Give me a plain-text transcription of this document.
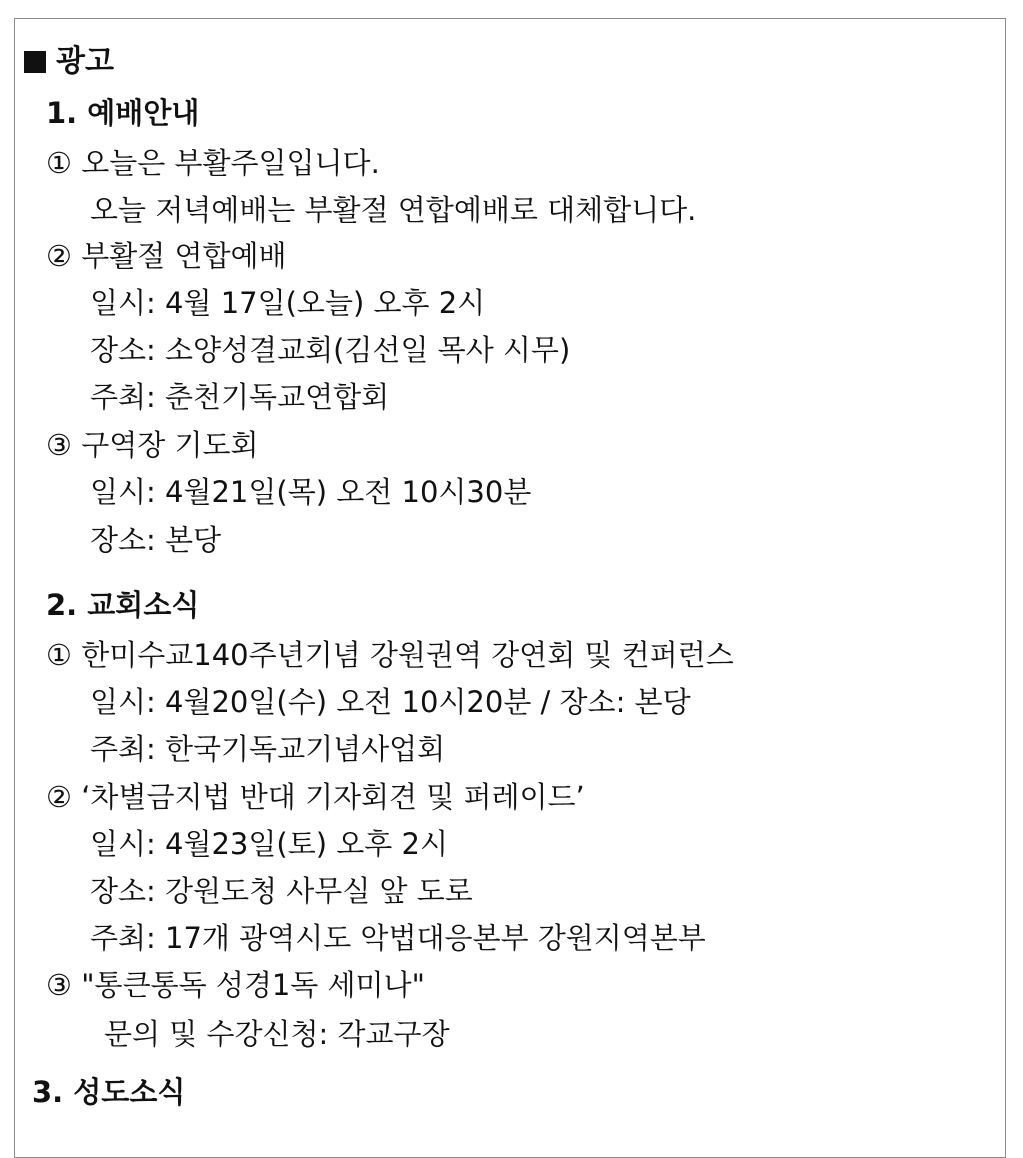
광고
1. 예배안내
① 오늘은 부활주일입니다.
오늘 저녁예배는 부활절 연합예배로 대체합니다.
② 부활절 연합예배
일시: 4월 17일(오늘) 오후 2시
장소: 소양성결교회(김선일 목사 시무)
주최: 춘천기독교연합회
③ 구역장 기도회
일시: 4월21일(목) 오전 10시30분
장소: 본당
2. 교회소식
① 한미수교140주년기념 강원권역 강연회 및 컨퍼런스
일시: 4월20일(수) 오전 10시20분 / 장소: 본당
주최: 한국기독교기념사업회
② ‘차별금지법 반대 기자회견 및 퍼레이드’
일시: 4월23일(토) 오후 2시
장소: 강원도청 사무실 앞 도로
주최: 17개 광역시도 악법대응본부 강원지역본부
③ "통큰통독 성경1독 세미나"
문의 및 수강신청: 각교구장
3. 성도소식
